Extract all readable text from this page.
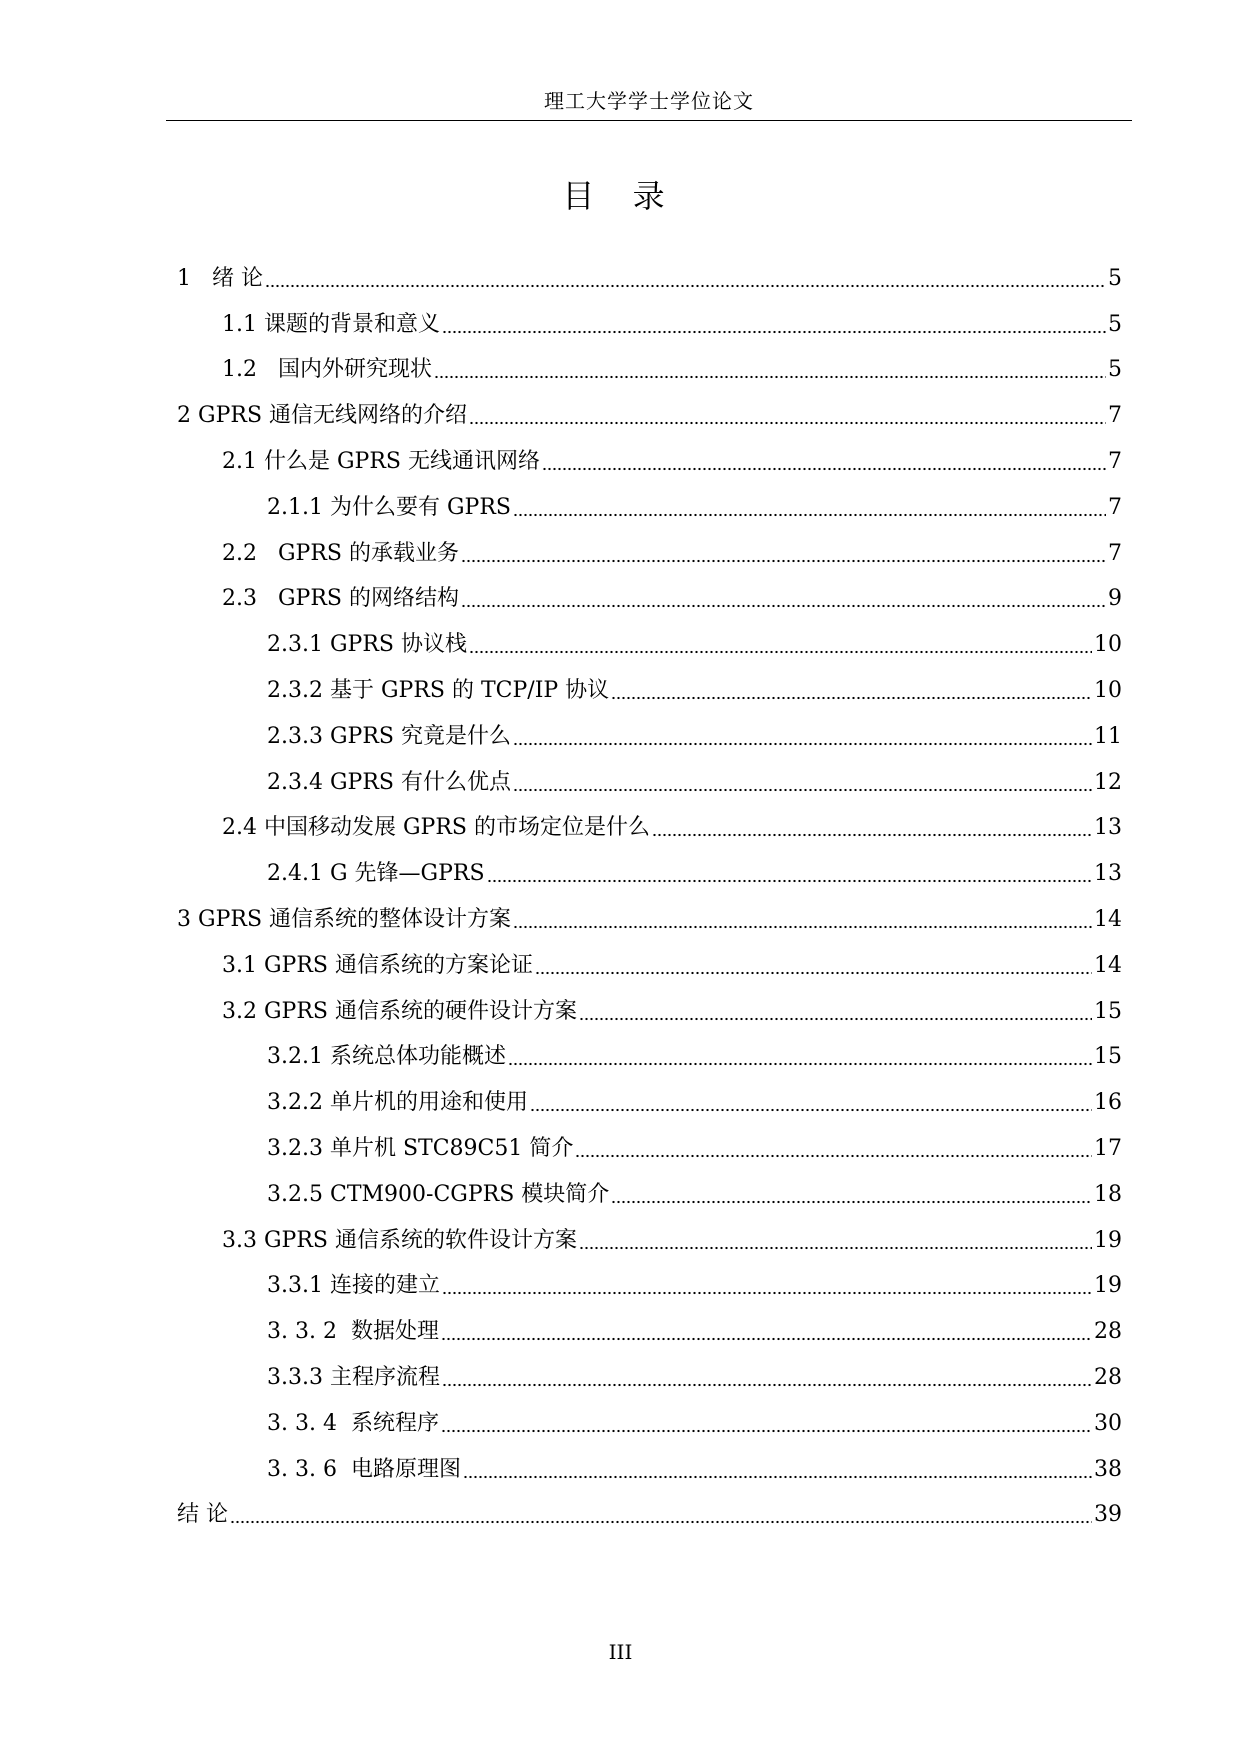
理工大学学士学位论文
目 录
1 绪 论	5
1.1 课题的背景和意义	5
1.2 国内外研究现状	5
2 GPRS 通信无线网络的介绍	7
2.1 什么是 GPRS 无线通讯网络	7
2.1.1 为什么要有 GPRS	7
2.2 GPRS 的承载业务	7
2.3 GPRS 的网络结构	9
2.3.1 GPRS 协议栈	10
2.3.2 基于 GPRS 的 TCP/IP 协议	10
2.3.3 GPRS 究竟是什么	11
2.3.4 GPRS 有什么优点	12
2.4 中国移动发展 GPRS 的市场定位是什么	13
2.4.1 G 先锋—GPRS	13
3 GPRS 通信系统的整体设计方案	14
3.1 GPRS 通信系统的方案论证	14
3.2 GPRS 通信系统的硬件设计方案	15
3.2.1 系统总体功能概述	15
3.2.2 单片机的用途和使用	16
3.2.3 单片机 STC89C51 简介	17
3.2.5 CTM900-CGPRS 模块简介	18
3.3 GPRS 通信系统的软件设计方案	19
3.3.1 连接的建立	19
3. 3. 2 数据处理	28
3.3.3 主程序流程	28
3. 3. 4 系统程序	30
3. 3. 6 电路原理图	38
结 论	39
III
